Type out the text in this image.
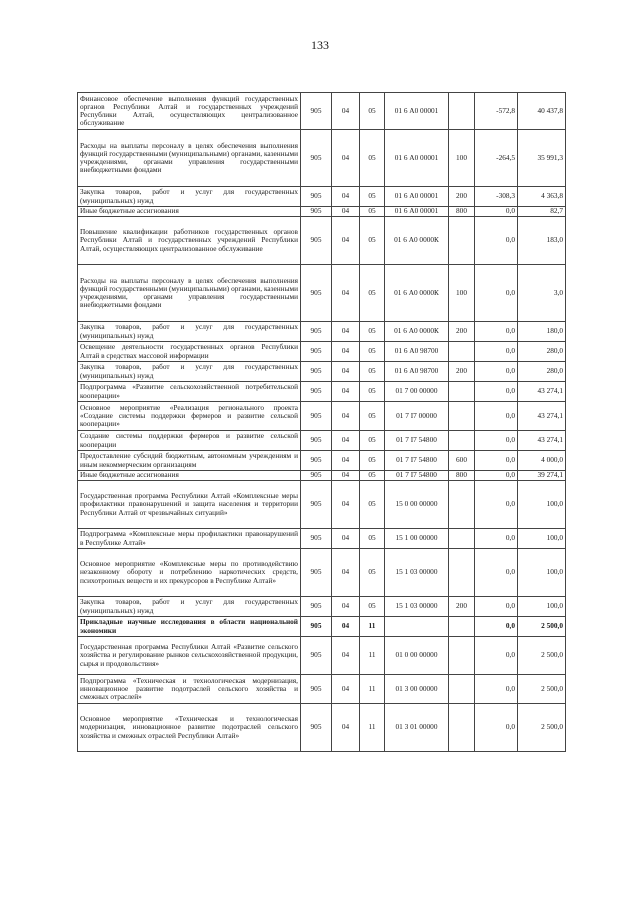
133
Финансовое обеспечение выполнения функций государственных органов Республики Алтай и государственных учреждений Республики Алтай, осуществляющих централизованное обслуживание	905	04	05	01 6 А0 00001		-572,8	40 437,8
Расходы на выплаты персоналу в целях обеспечения выполнения функций государственными (муниципальными) органами, казенными учреждениями, органами управления государственными внебюджетными фондами	905	04	05	01 6 А0 00001	100	-264,5	35 991,3
Закупка товаров, работ и услуг для государственных (муниципальных) нужд	905	04	05	01 6 А0 00001	200	-308,3	4 363,8
Иные бюджетные ассигнования	905	04	05	01 6 А0 00001	800	0,0	82,7
Повышение квалификации работников государственных органов Республики Алтай и государственных учреждений Республики Алтай, осуществляющих централизованное обслуживание	905	04	05	01 6 А0 0000К		0,0	183,0
Расходы на выплаты персоналу в целях обеспечения выполнения функций государственными (муниципальными) органами, казенными учреждениями, органами управления государственными внебюджетными фондами	905	04	05	01 6 А0 0000К	100	0,0	3,0
Закупка товаров, работ и услуг для государственных (муниципальных) нужд	905	04	05	01 6 А0 0000К	200	0,0	180,0
Освещение деятельности государственных органов Республики Алтай в средствах массовой информации	905	04	05	01 6 А0 98700		0,0	280,0
Закупка товаров, работ и услуг для государственных (муниципальных) нужд	905	04	05	01 6 А0 98700	200	0,0	280,0
Подпрограмма «Развитие сельскохозяйственной потребительской кооперации»	905	04	05	01 7 00 00000		0,0	43 274,1
Основное мероприятие «Реализация регионального проекта «Создание системы поддержки фермеров и развитие сельской кооперации»	905	04	05	01 7 I7 00000		0,0	43 274,1
Создание системы поддержки фермеров и развитие сельской кооперации	905	04	05	01 7 I7 54800		0,0	43 274,1
Предоставление субсидий бюджетным, автономным учреждениям и иным некоммерческим организациям	905	04	05	01 7 I7 54800	600	0,0	4 000,0
Иные бюджетные ассигнования	905	04	05	01 7 I7 54800	800	0,0	39 274,1
Государственная программа Республики Алтай «Комплексные меры профилактики правонарушений и защита населения и территории Республики Алтай от чрезвычайных ситуаций»	905	04	05	15 0 00 00000		0,0	100,0
Подпрограмма «Комплексные меры профилактики правонарушений в Республике Алтай»	905	04	05	15 1 00 00000		0,0	100,0
Основное мероприятие «Комплексные меры по противодействию незаконному обороту и потреблению наркотических средств, психотропных веществ и их прекурсоров в Республике Алтай»	905	04	05	15 1 03 00000		0,0	100,0
Закупка товаров, работ и услуг для государственных (муниципальных) нужд	905	04	05	15 1 03 00000	200	0,0	100,0
Прикладные научные исследования в области национальной экономики	905	04	11			0,0	2 500,0
Государственная программа Республики Алтай «Развитие сельского хозяйства и регулирование рынков сельскохозяйственной продукции, сырья и продовольствия»	905	04	11	01 0 00 00000		0,0	2 500,0
Подпрограмма «Техническая и технологическая модернизация, инновационное развитие подотраслей сельского хозяйства и смежных отраслей»	905	04	11	01 3 00 00000		0,0	2 500,0
Основное мероприятие «Техническая и технологическая модернизация, инновационное развитие подотраслей сельского хозяйства и смежных отраслей Республики Алтай»	905	04	11	01 3 01 00000		0,0	2 500,0
